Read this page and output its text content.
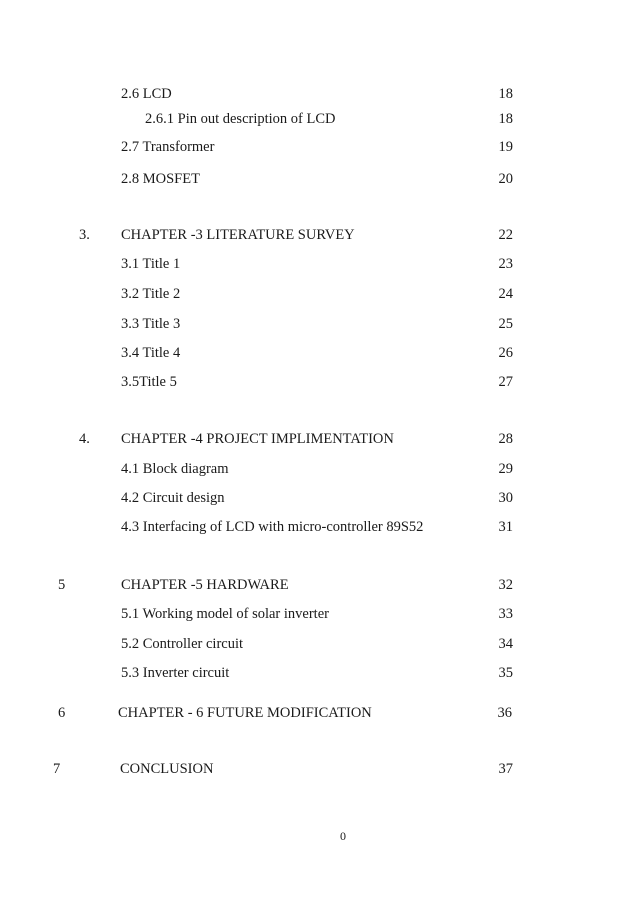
2.6 LCD	18
2.6.1 Pin out description of LCD	18
2.7 Transformer	19
2.8 MOSFET	20
3. CHAPTER -3 LITERATURE SURVEY	22
3.1 Title 1	23
3.2 Title 2	24
3.3 Title 3	25
3.4 Title 4	26
3.5Title 5	27
4. CHAPTER -4 PROJECT IMPLIMENTATION	28
4.1 Block diagram	29
4.2 Circuit design	30
4.3 Interfacing of LCD with micro-controller 89S52	31
5	CHAPTER -5 HARDWARE	32
5.1 Working model of solar inverter	33
5.2 Controller circuit	34
5.3 Inverter circuit	35
6	CHAPTER - 6 FUTURE MODIFICATION	36
7	CONCLUSION	37
0
